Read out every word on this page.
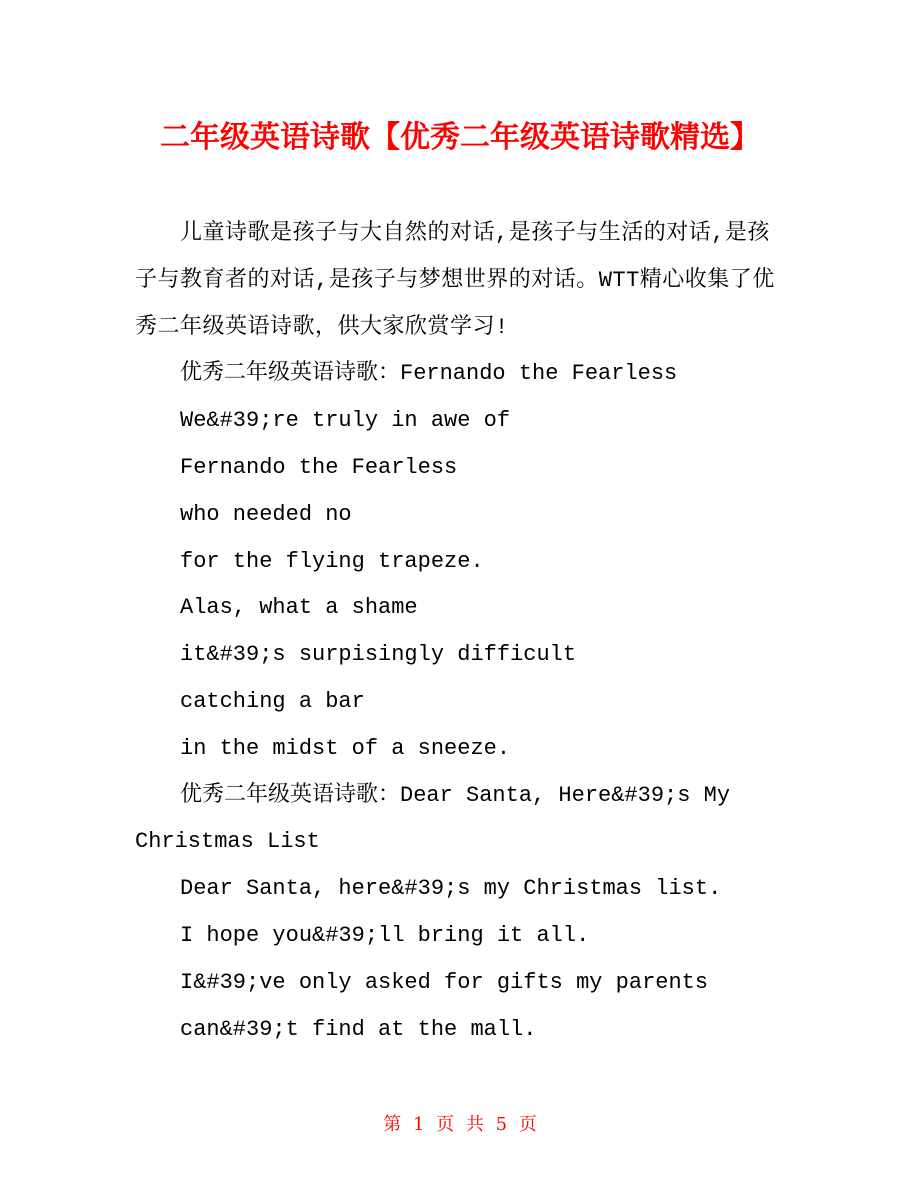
二年级英语诗歌【优秀二年级英语诗歌精选】

儿童诗歌是孩子与大自然的对话,是孩子与生活的对话,是孩子与教育者的对话,是孩子与梦想世界的对话。WTT精心收集了优秀二年级英语诗歌，供大家欣赏学习!

优秀二年级英语诗歌：Fernando the Fearless

We&#39;re truly in awe of

Fernando the Fearless

who needed no

for the flying trapeze.

Alas, what a shame

it&#39;s surpisingly difficult

catching a bar

in the midst of a sneeze.

优秀二年级英语诗歌：Dear Santa, Here&#39;s My Christmas List

Dear Santa, here&#39;s my Christmas list.

I hope you&#39;ll bring it all.

I&#39;ve only asked for gifts my parents

can&#39;t find at the mall.

第 1 页 共 5 页
